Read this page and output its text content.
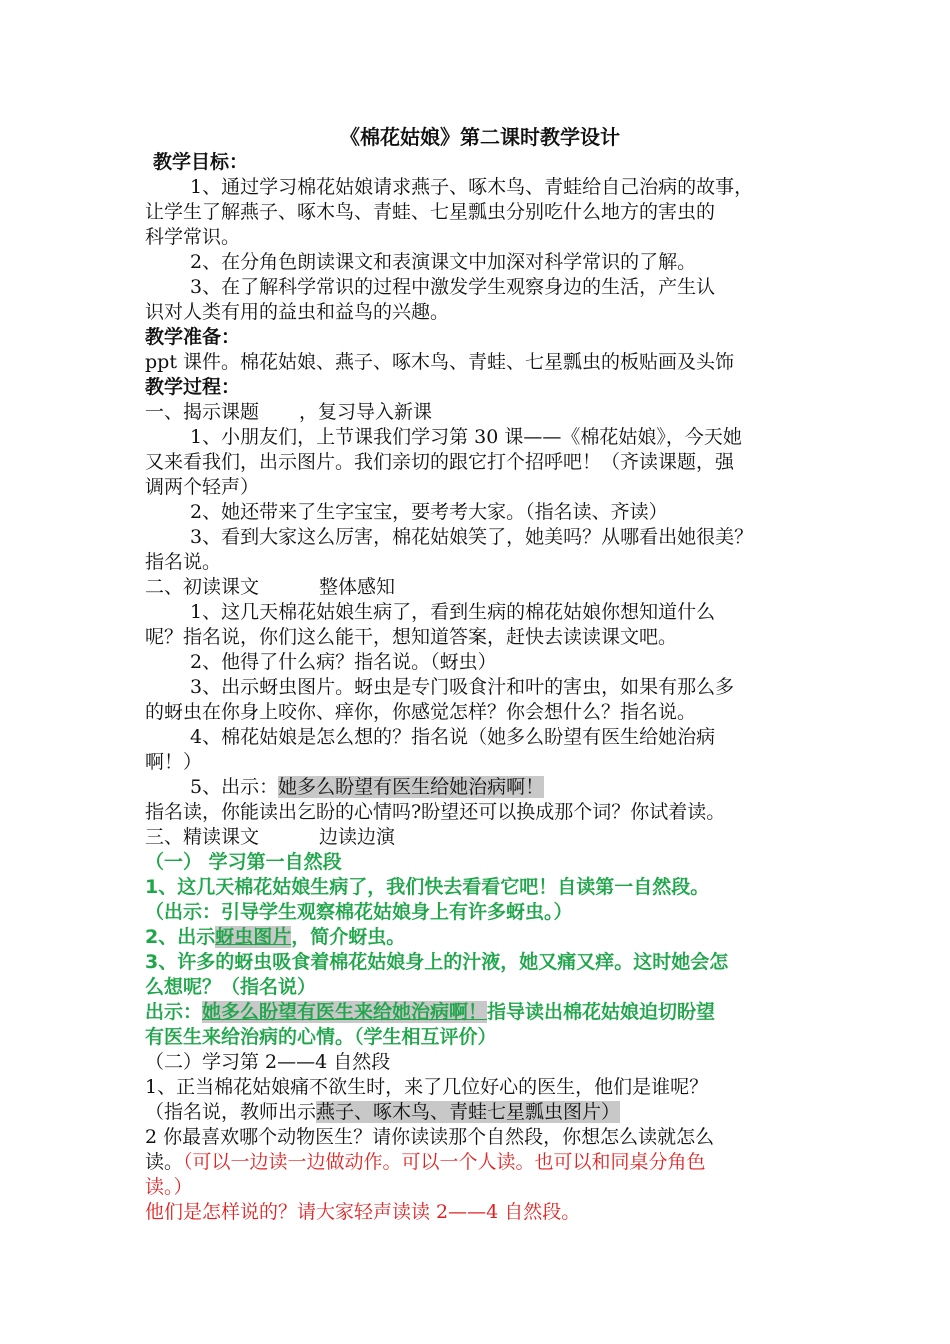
《棉花姑娘》第二课时教学设计

教学目标：
1、通过学习棉花姑娘请求燕子、啄木鸟、青蛙给自己治病的故事，
让学生了解燕子、啄木鸟、青蛙、七星瓢虫分别吃什么地方的害虫的
科学常识。
2、在分角色朗读课文和表演课文中加深对科学常识的了解。
3、在了解科学常识的过程中激发学生观察身边的生活，产生认
识对人类有用的益虫和益鸟的兴趣。
教学准备：
ppt 课件。棉花姑娘、燕子、啄木鸟、青蛙、七星瓢虫的板贴画及头饰
教学过程：
一、揭示课题 ，复习导入新课
1、小朋友们，上节课我们学习第 30 课——《棉花姑娘》，今天她
又来看我们，出示图片。我们亲切的跟它打个招呼吧！（齐读课题，强
调两个轻声）
2、她还带来了生字宝宝，要考考大家。（指名读、齐读）
3、看到大家这么厉害，棉花姑娘笑了，她美吗？从哪看出她很美？
指名说。
二、初读课文	整体感知
1、这几天棉花姑娘生病了，看到生病的棉花姑娘你想知道什么
呢？指名说，你们这么能干，想知道答案，赶快去读读课文吧。
2、他得了什么病？指名说。（蚜虫）
3、出示蚜虫图片。蚜虫是专门吸食汁和叶的害虫，如果有那么多
的蚜虫在你身上咬你、痒你，你感觉怎样？你会想什么？指名说。
4、棉花姑娘是怎么想的？指名说（她多么盼望有医生给她治病
啊！）
5、出示：她多么盼望有医生给她治病啊！
指名读，你能读出乞盼的心情吗?盼望还可以换成那个词？你试着读。
三、精读课文	边读边演
（一） 学习第一自然段
1、这几天棉花姑娘生病了，我们快去看看它吧！自读第一自然段。
（出示：引导学生观察棉花姑娘身上有许多蚜虫。）
2、出示蚜虫图片，简介蚜虫。
3、许多的蚜虫吸食着棉花姑娘身上的汁液，她又痛又痒。这时她会怎
么想呢？（指名说）
出示：她多么盼望有医生来给她治病啊！指导读出棉花姑娘迫切盼望
有医生来给治病的心情。（学生相互评价）
（二）学习第 2——4 自然段
1、正当棉花姑娘痛不欲生时，来了几位好心的医生，他们是谁呢？
（指名说，教师出示燕子、啄木鸟、青蛙七星瓢虫图片）
2 你最喜欢哪个动物医生？请你读读那个自然段，你想怎么读就怎么
读。（可以一边读一边做动作。可以一个人读。也可以和同桌分角色
读。）
他们是怎样说的？请大家轻声读读 2——4 自然段。
